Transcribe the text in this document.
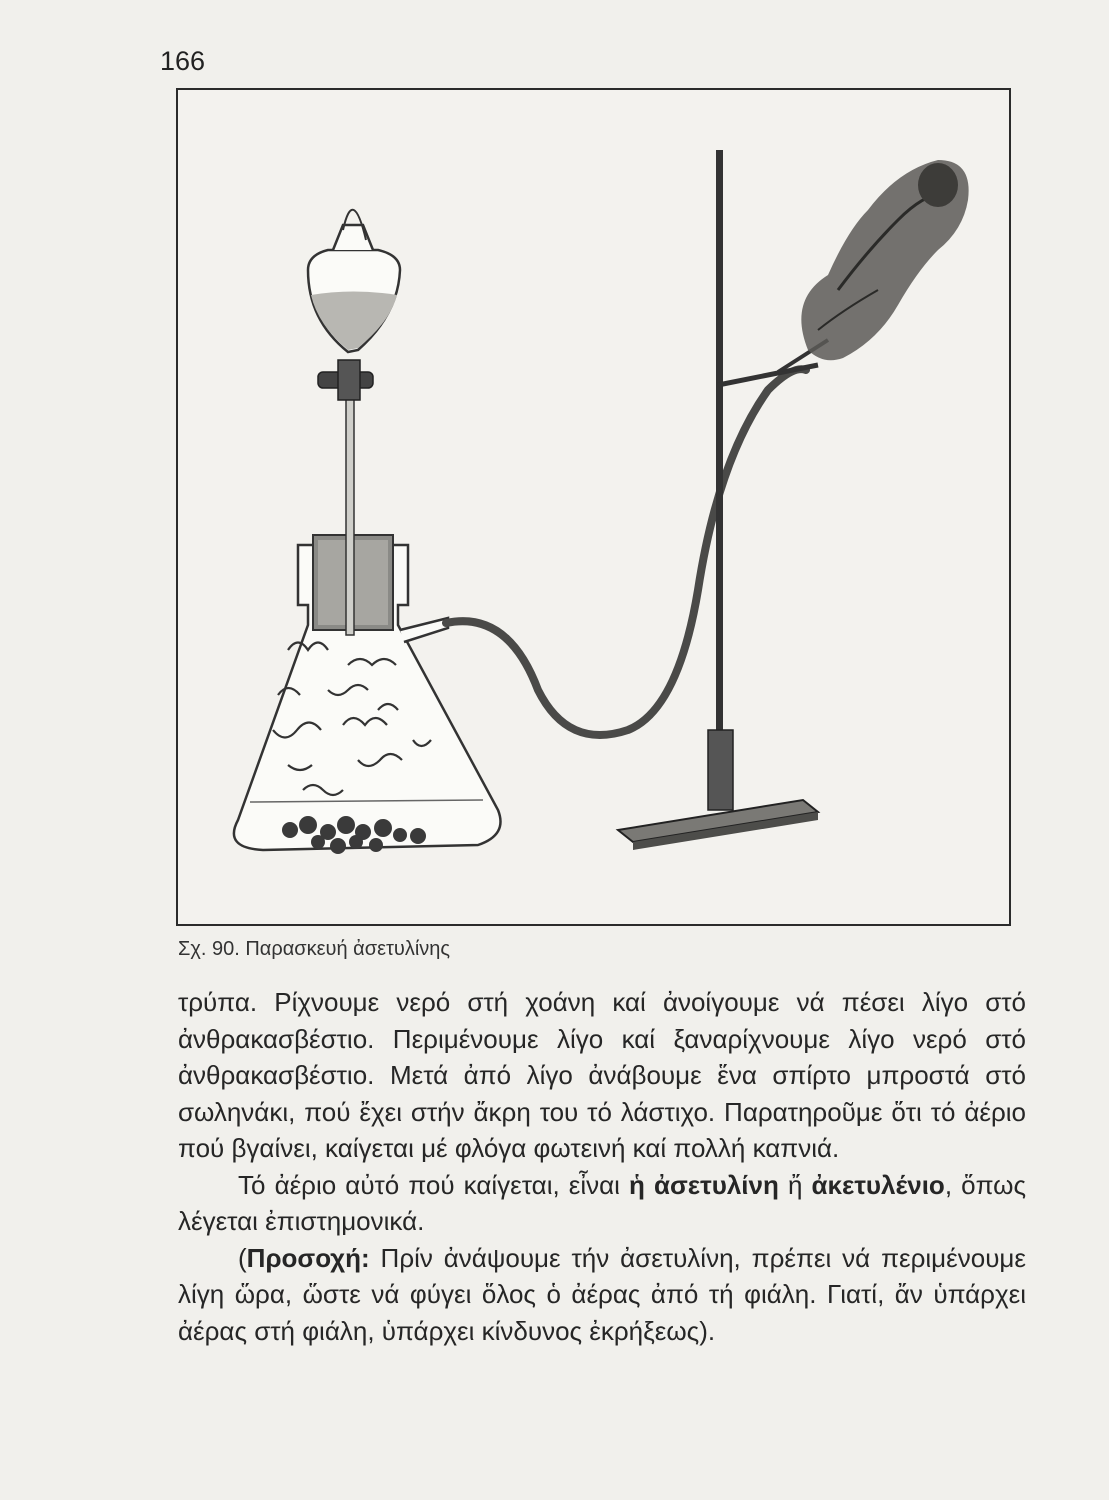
166
Σχ. 90. Παρασκευή ἀσετυλίνης

τρύπα. Ρίχνουμε νερό στή χοάνη καί ἀνοίγουμε νά πέσει λίγο στό ἀνθρακασβέστιο. Περιμένουμε λίγο καί ξαναρίχνουμε λίγο νερό στό ἀνθρακασβέστιο. Μετά ἀπό λίγο ἀνάβουμε ἕνα σπίρτο μπροστά στό σωληνάκι, πού ἔχει στήν ἄκρη του τό λάστιχο. Παρατηροῦμε ὅτι τό ἀέριο πού βγαίνει, καίγεται μέ φλόγα φωτεινή καί πολλή καπνιά.

Τό ἀέριο αὐτό πού καίγεται, εἶναι ἡ ἀσετυλίνη ἤ ἀκετυλένιο, ὅπως λέγεται ἐπιστημονικά.

(Προσοχή: Πρίν ἀνάψουμε τήν ἀσετυλίνη, πρέπει νά περιμένουμε λίγη ὥρα, ὥστε νά φύγει ὅλος ὁ ἀέρας ἀπό τή φιάλη. Γιατί, ἄν ὑπάρχει ἀέρας στή φιάλη, ὑπάρχει κίνδυνος ἐκρήξεως).
